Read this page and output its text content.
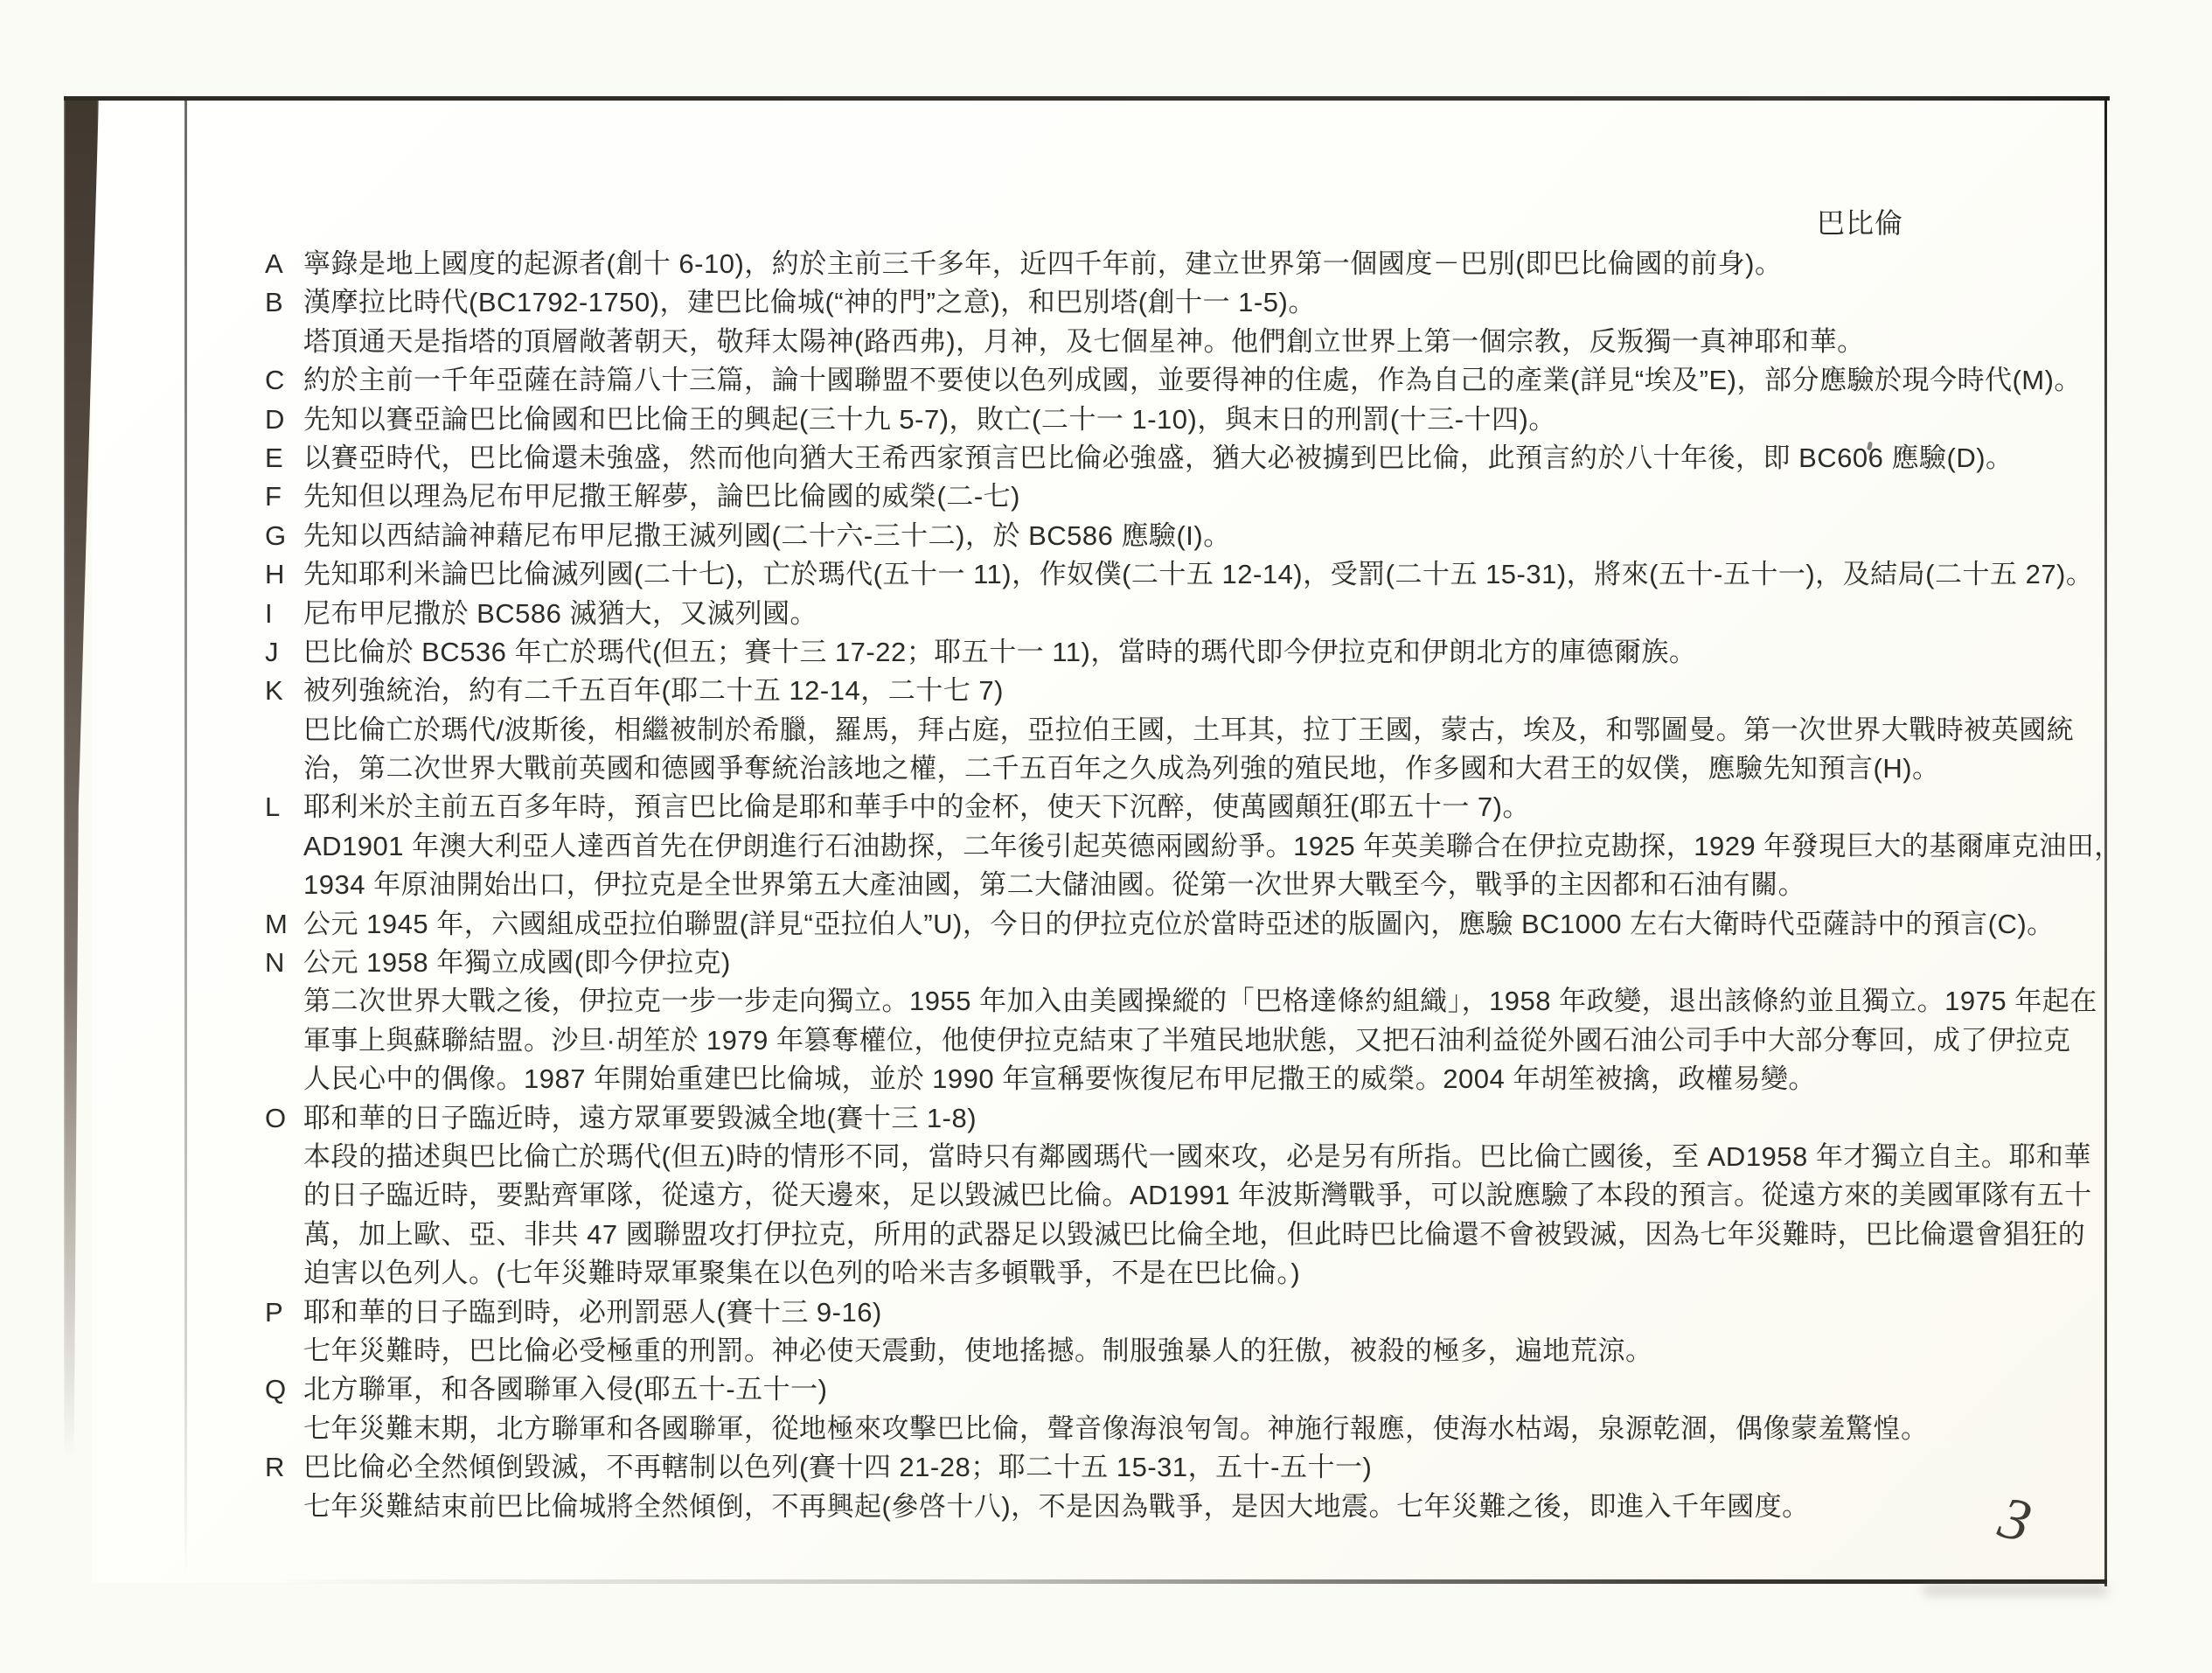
巴比倫
A 寧錄是地上國度的起源者(創十 6-10)，約於主前三千多年，近四千年前，建立世界第一個國度－巴別(即巴比倫國的前身)。
B 漢摩拉比時代(BC1792-1750)，建巴比倫城(“神的門”之意)，和巴別塔(創十一 1-5)。
塔頂通天是指塔的頂層敞著朝天，敬拜太陽神(路西弗)，月神，及七個星神。他們創立世界上第一個宗教，反叛獨一真神耶和華。
C 約於主前一千年亞薩在詩篇八十三篇，論十國聯盟不要使以色列成國，並要得神的住處，作為自己的產業(詳見“埃及”E)，部分應驗於現今時代(M)。
D 先知以賽亞論巴比倫國和巴比倫王的興起(三十九 5-7)，敗亡(二十一 1-10)，與末日的刑罰(十三-十四)。
E 以賽亞時代，巴比倫還未強盛，然而他向猶大王希西家預言巴比倫必強盛，猶大必被擄到巴比倫，此預言約於八十年後，即 BC606 應驗(D)。
F 先知但以理為尼布甲尼撒王解夢，論巴比倫國的威榮(二-七)
G 先知以西結論神藉尼布甲尼撒王滅列國(二十六-三十二)，於 BC586 應驗(I)。
H 先知耶利米論巴比倫滅列國(二十七)，亡於瑪代(五十一 11)，作奴僕(二十五 12-14)，受罰(二十五 15-31)，將來(五十-五十一)，及結局(二十五 27)。
I 尼布甲尼撒於 BC586 滅猶大，又滅列國。
J 巴比倫於 BC536 年亡於瑪代(但五；賽十三 17-22；耶五十一 11)，當時的瑪代即今伊拉克和伊朗北方的庫德爾族。
K 被列強統治，約有二千五百年(耶二十五 12-14，二十七 7)
巴比倫亡於瑪代/波斯後，相繼被制於希臘，羅馬，拜占庭，亞拉伯王國，土耳其，拉丁王國，蒙古，埃及，和鄂圖曼。第一次世界大戰時被英國統
治，第二次世界大戰前英國和德國爭奪統治該地之權，二千五百年之久成為列強的殖民地，作多國和大君王的奴僕，應驗先知預言(H)。
L 耶利米於主前五百多年時，預言巴比倫是耶和華手中的金杯，使天下沉醉，使萬國顛狂(耶五十一 7)。
AD1901 年澳大利亞人達西首先在伊朗進行石油勘探，二年後引起英德兩國紛爭。1925 年英美聯合在伊拉克勘探，1929 年發現巨大的基爾庫克油田，
1934 年原油開始出口，伊拉克是全世界第五大產油國，第二大儲油國。從第一次世界大戰至今，戰爭的主因都和石油有關。
M 公元 1945 年，六國組成亞拉伯聯盟(詳見“亞拉伯人”U)，今日的伊拉克位於當時亞述的版圖內，應驗 BC1000 左右大衛時代亞薩詩中的預言(C)。
N 公元 1958 年獨立成國(即今伊拉克)
第二次世界大戰之後，伊拉克一步一步走向獨立。1955 年加入由美國操縱的「巴格達條約組織」，1958 年政變，退出該條約並且獨立。1975 年起在
軍事上與蘇聯結盟。沙旦·胡笙於 1979 年篡奪權位，他使伊拉克結束了半殖民地狀態，又把石油利益從外國石油公司手中大部分奪回，成了伊拉克
人民心中的偶像。1987 年開始重建巴比倫城，並於 1990 年宣稱要恢復尼布甲尼撒王的威榮。2004 年胡笙被擒，政權易變。
O 耶和華的日子臨近時，遠方眾軍要毀滅全地(賽十三 1-8)
本段的描述與巴比倫亡於瑪代(但五)時的情形不同，當時只有鄰國瑪代一國來攻，必是另有所指。巴比倫亡國後，至 AD1958 年才獨立自主。耶和華
的日子臨近時，要點齊軍隊，從遠方，從天邊來，足以毀滅巴比倫。AD1991 年波斯灣戰爭，可以說應驗了本段的預言。從遠方來的美國軍隊有五十
萬，加上歐、亞、非共 47 國聯盟攻打伊拉克，所用的武器足以毀滅巴比倫全地，但此時巴比倫還不會被毀滅，因為七年災難時，巴比倫還會猖狂的
迫害以色列人。(七年災難時眾軍聚集在以色列的哈米吉多頓戰爭，不是在巴比倫。)
P 耶和華的日子臨到時，必刑罰惡人(賽十三 9-16)
七年災難時，巴比倫必受極重的刑罰。神必使天震動，使地搖撼。制服強暴人的狂傲，被殺的極多，遍地荒涼。
Q 北方聯軍，和各國聯軍入侵(耶五十-五十一)
七年災難末期，北方聯軍和各國聯軍，從地極來攻擊巴比倫，聲音像海浪匉訇。神施行報應，使海水枯竭，泉源乾涸，偶像蒙羞驚惶。
R 巴比倫必全然傾倒毀滅，不再轄制以色列(賽十四 21-28；耶二十五 15-31，五十-五十一)
七年災難結束前巴比倫城將全然傾倒，不再興起(參啓十八)，不是因為戰爭，是因大地震。七年災難之後，即進入千年國度。	3
